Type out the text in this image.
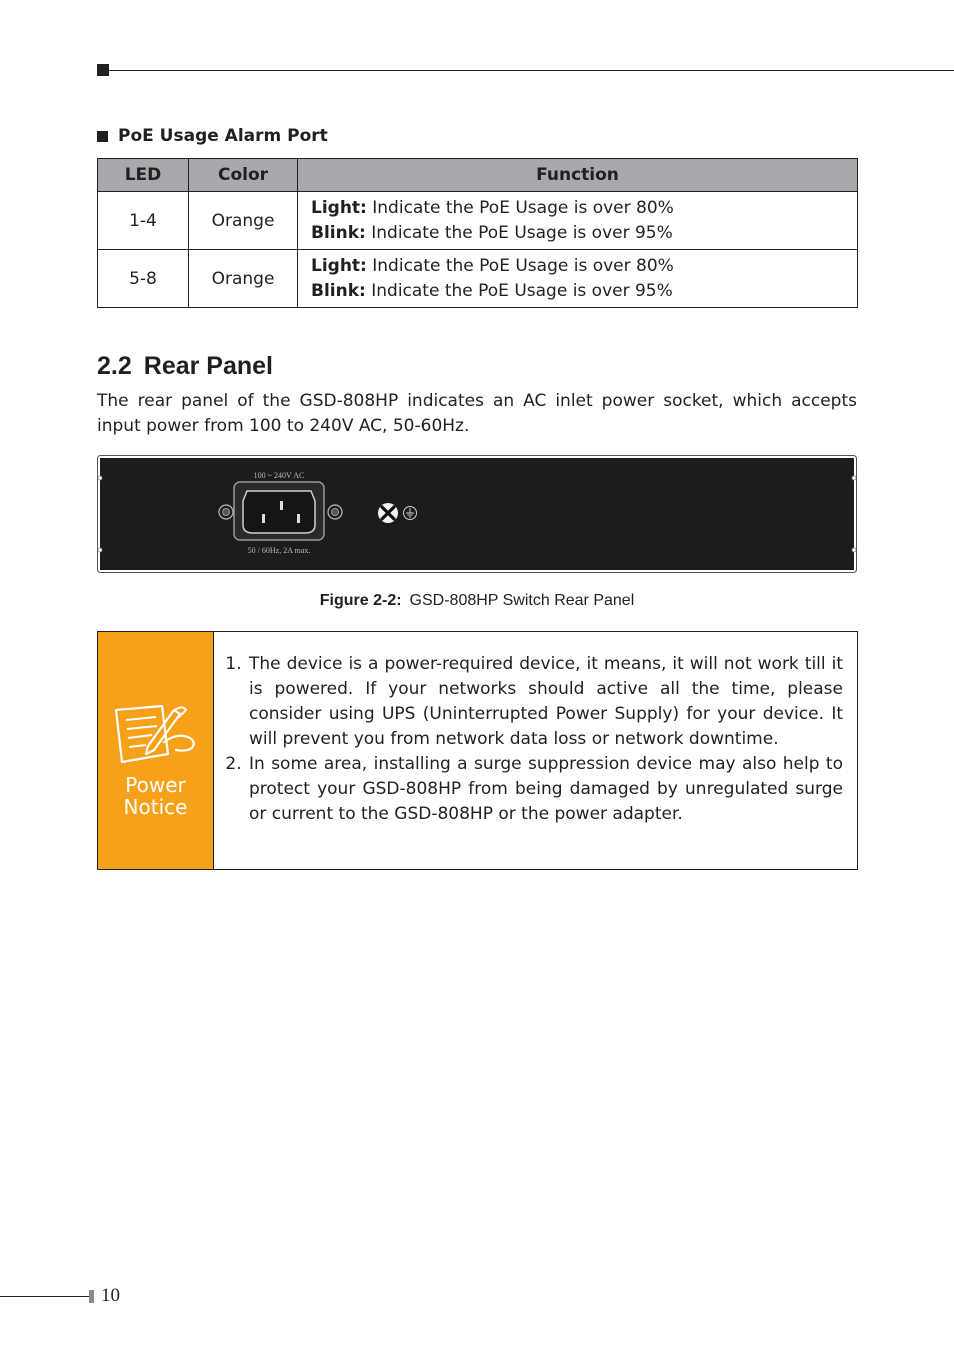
PoE Usage Alarm Port
LED	Color	Function
1-4	Orange	Light: Indicate the PoE Usage is over 80%
Blink: Indicate the PoE Usage is over 95%

5-8	Orange	Light: Indicate the PoE Usage is over 80%
Blink: Indicate the PoE Usage is over 95%
2.2 Rear Panel
The rear panel of the GSD-808HP indicates an AC inlet power socket, which accepts input power from 100 to 240V AC, 50-60Hz.
100 ~ 240V AC
50 / 60Hz, 2A max.
Figure 2-2: GSD-808HP Switch Rear Panel
Power
Notice
1. The device is a power-required device, it means, it will not work till it is powered. If your networks should active all the time, please consider using UPS (Uninterrupted Power Supply) for your device. It will prevent you from network data loss or network downtime.
2. In some area, installing a surge suppression device may also help to protect your GSD-808HP from being damaged by unregulated surge or current to the GSD-808HP or the power adapter.
10
